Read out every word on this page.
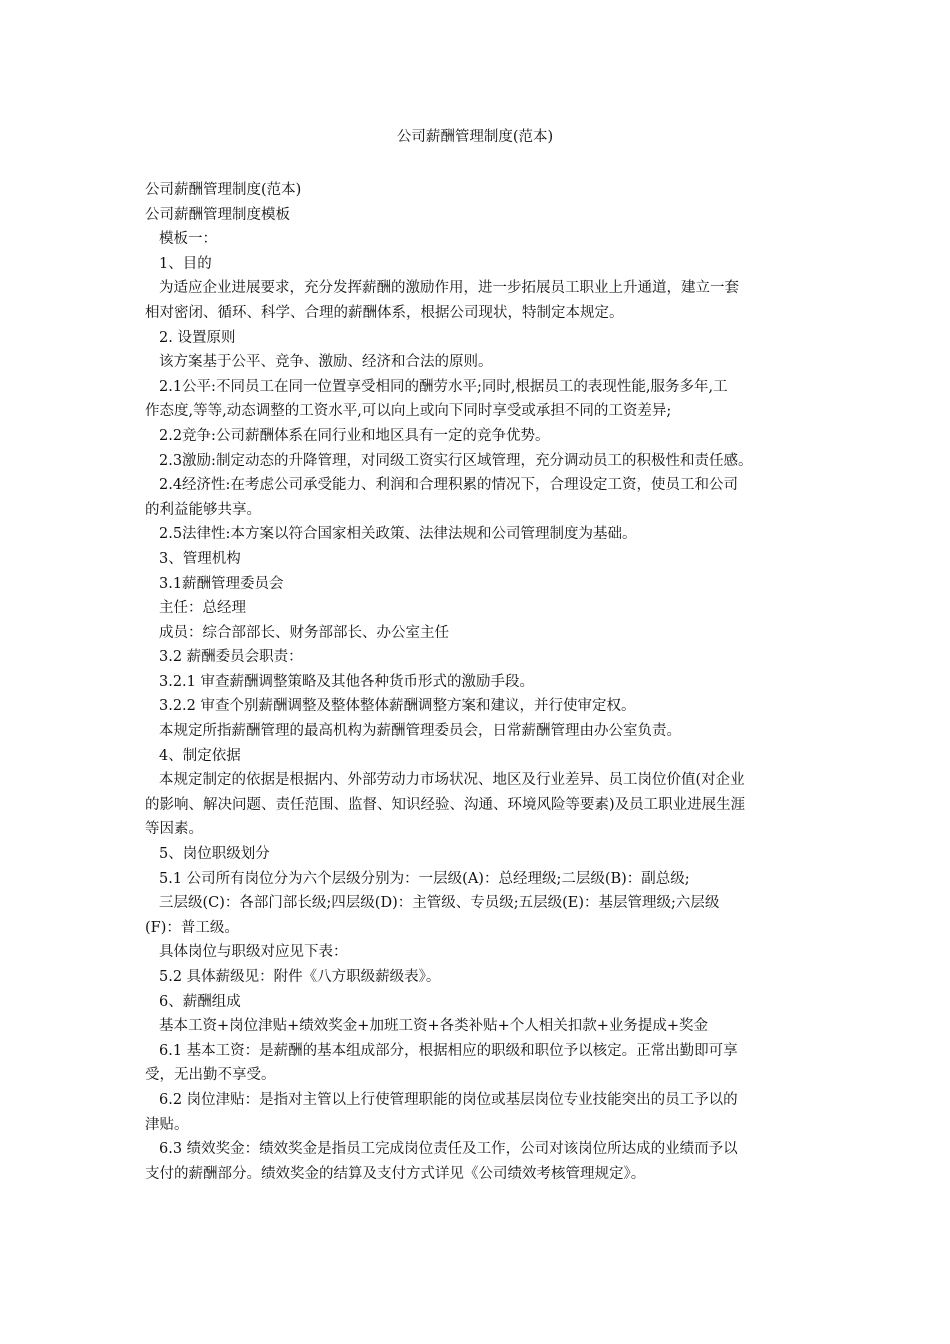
公司薪酬管理制度(范本)
公司薪酬管理制度(范本)
公司薪酬管理制度模板
模板一：
1、目的
为适应企业进展要求，充分发挥薪酬的激励作用，进一步拓展员工职业上升通道，建立一套
相对密闭、循环、科学、合理的薪酬体系，根据公司现状，特制定本规定。
2. 设置原则
该方案基于公平、竞争、激励、经济和合法的原则。
2.1公平:不同员工在同一位置享受相同的酬劳水平;同时,根据员工的表现性能,服务多年,工
作态度,等等,动态调整的工资水平,可以向上或向下同时享受或承担不同的工资差异;
2.2竞争:公司薪酬体系在同行业和地区具有一定的竞争优势。
2.3激励:制定动态的升降管理，对同级工资实行区域管理，充分调动员工的积极性和责任感。
2.4经济性:在考虑公司承受能力、利润和合理积累的情况下，合理设定工资，使员工和公司
的利益能够共享。
2.5法律性:本方案以符合国家相关政策、法律法规和公司管理制度为基础。
3、管理机构
3.1薪酬管理委员会
主任：总经理
成员：综合部部长、财务部部长、办公室主任
3.2 薪酬委员会职责：
3.2.1 审查薪酬调整策略及其他各种货币形式的激励手段。
3.2.2 审查个别薪酬调整及整体整体薪酬调整方案和建议，并行使审定权。
本规定所指薪酬管理的最高机构为薪酬管理委员会，日常薪酬管理由办公室负责。
4、制定依据
本规定制定的依据是根据内、外部劳动力市场状况、地区及行业差异、员工岗位价值(对企业
的影响、解决问题、责任范围、监督、知识经验、沟通、环境风险等要素)及员工职业进展生涯
等因素。
5、岗位职级划分
5.1 公司所有岗位分为六个层级分别为：一层级(A)：总经理级;二层级(B)：副总级;
三层级(C)：各部门部长级;四层级(D)：主管级、专员级;五层级(E)：基层管理级;六层级
(F)：普工级。
具体岗位与职级对应见下表：
5.2 具体薪级见：附件《八方职级薪级表》。
6、薪酬组成
基本工资+岗位津贴+绩效奖金+加班工资+各类补贴+个人相关扣款+业务提成+奖金
6.1 基本工资：是薪酬的基本组成部分，根据相应的职级和职位予以核定。正常出勤即可享
受，无出勤不享受。
6.2 岗位津贴：是指对主管以上行使管理职能的岗位或基层岗位专业技能突出的员工予以的
津贴。
6.3 绩效奖金：绩效奖金是指员工完成岗位责任及工作，公司对该岗位所达成的业绩而予以
支付的薪酬部分。绩效奖金的结算及支付方式详见《公司绩效考核管理规定》。
